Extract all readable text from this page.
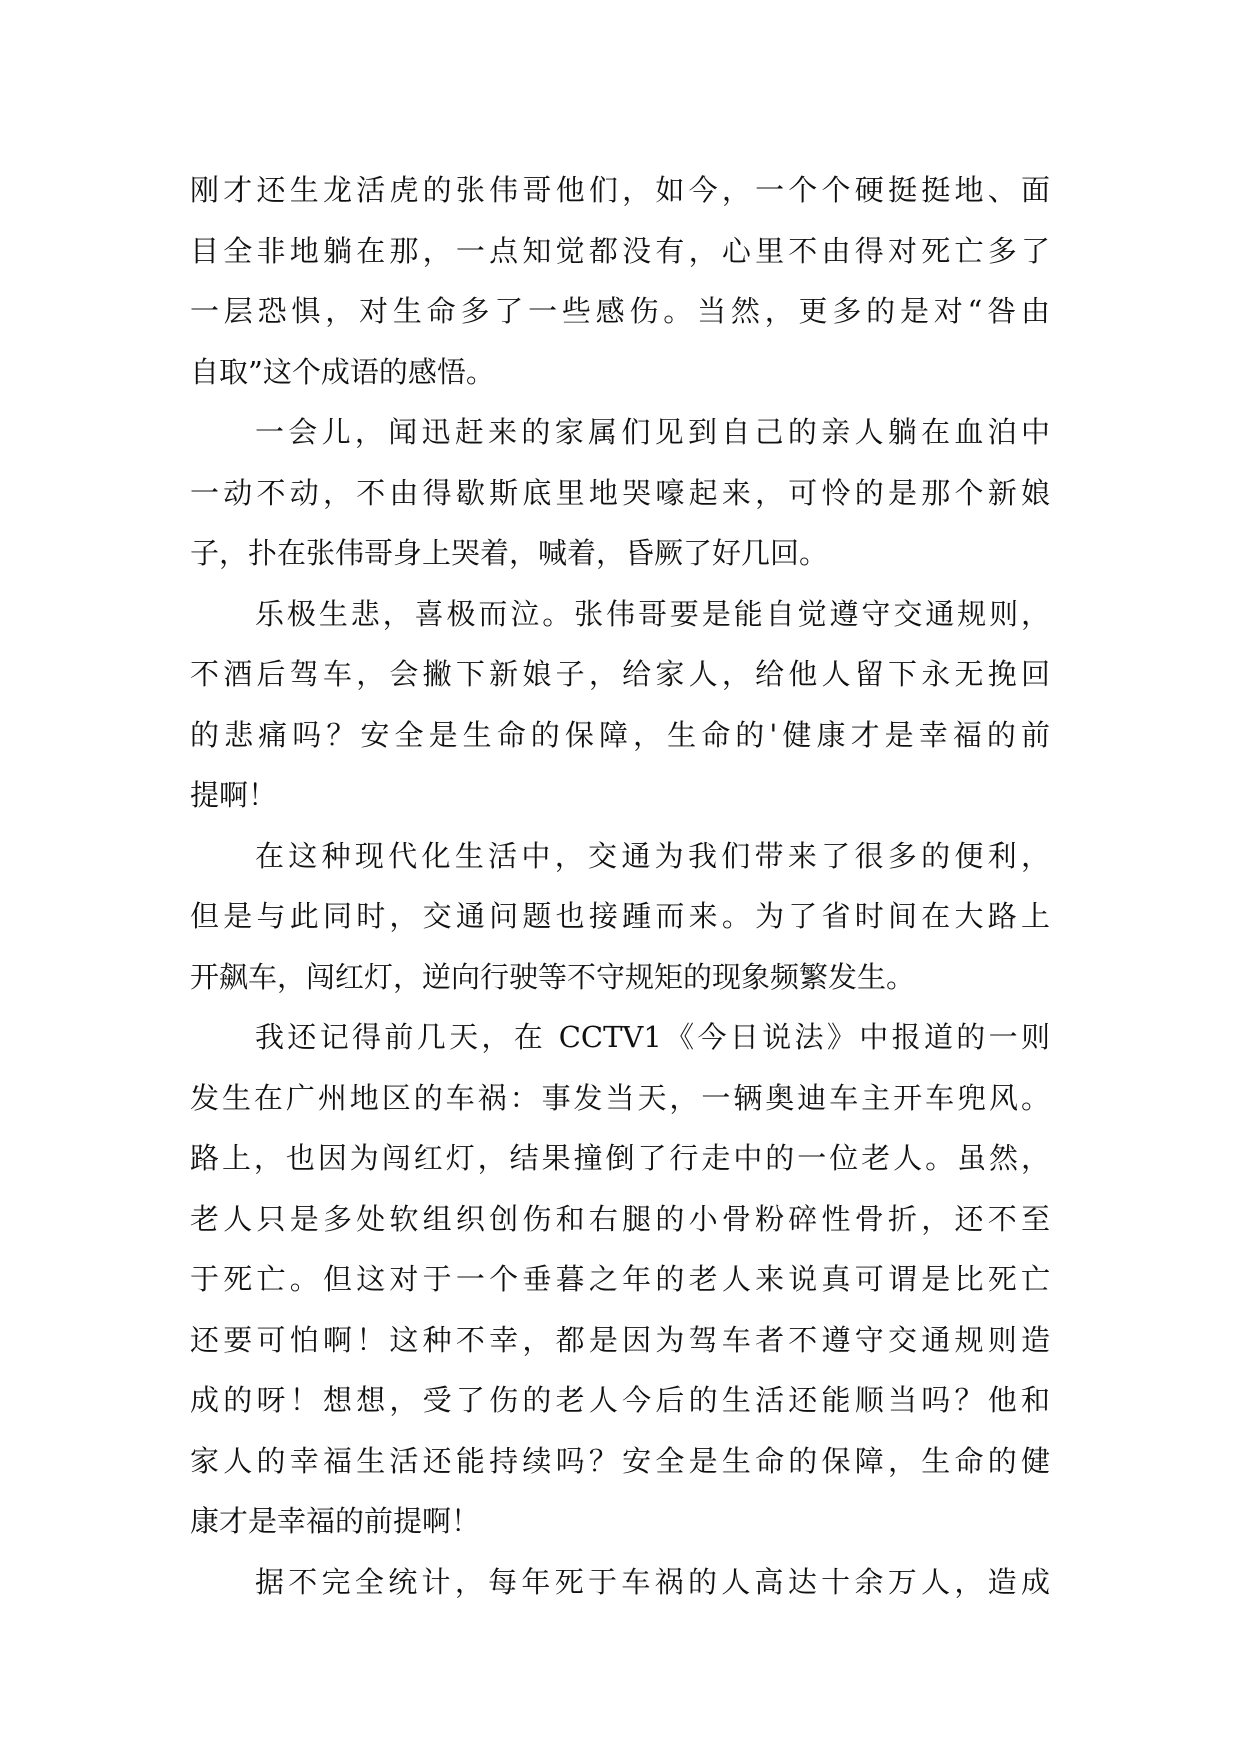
刚才还生龙活虎的张伟哥他们，如今，一个个硬挺挺地、面
目全非地躺在那，一点知觉都没有，心里不由得对死亡多了
一层恐惧，对生命多了一些感伤。当然，更多的是对“咎由
自取”这个成语的感悟。
一会儿，闻迅赶来的家属们见到自己的亲人躺在血泊中
一动不动，不由得歇斯底里地哭嚎起来，可怜的是那个新娘
子，扑在张伟哥身上哭着，喊着，昏厥了好几回。
乐极生悲，喜极而泣。张伟哥要是能自觉遵守交通规则，
不酒后驾车，会撇下新娘子，给家人，给他人留下永无挽回
的悲痛吗？安全是生命的保障，生命的'健康才是幸福的前
提啊！
在这种现代化生活中，交通为我们带来了很多的便利，
但是与此同时，交通问题也接踵而来。为了省时间在大路上
开飙车，闯红灯，逆向行驶等不守规矩的现象频繁发生。
我还记得前几天，在 CCTV1《今日说法》中报道的一则
发生在广州地区的车祸：事发当天，一辆奥迪车主开车兜风。
路上，也因为闯红灯，结果撞倒了行走中的一位老人。虽然，
老人只是多处软组织创伤和右腿的小骨粉碎性骨折，还不至
于死亡。但这对于一个垂暮之年的老人来说真可谓是比死亡
还要可怕啊！这种不幸，都是因为驾车者不遵守交通规则造
成的呀！想想，受了伤的老人今后的生活还能顺当吗？他和
家人的幸福生活还能持续吗？安全是生命的保障，生命的健
康才是幸福的前提啊！
据不完全统计，每年死于车祸的人高达十余万人，造成
